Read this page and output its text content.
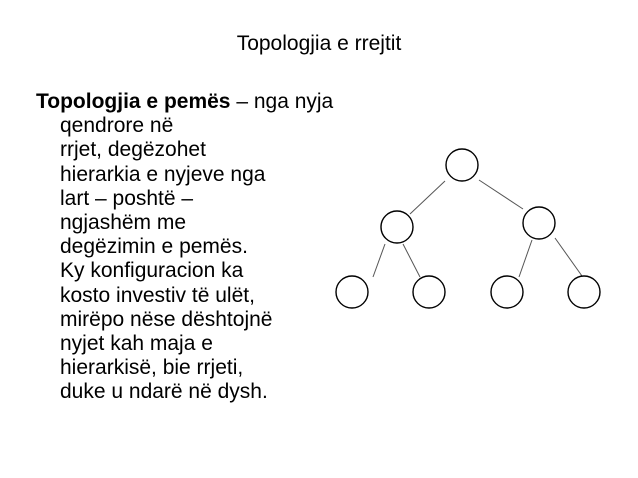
Topologjia e rrejtit
Topologjia e pemës – nga nyja qendrore në
rrjet, degëzohet
hierarkia e nyjeve nga
lart – poshtë –
ngjashëm me
degëzimin e pemës.
Ky konfiguracion ka
kosto investiv të ulët,
mirëpo nëse dështojnë
nyjet kah maja e
hierarkisë, bie rrjeti,
duke u ndarë në dysh.
